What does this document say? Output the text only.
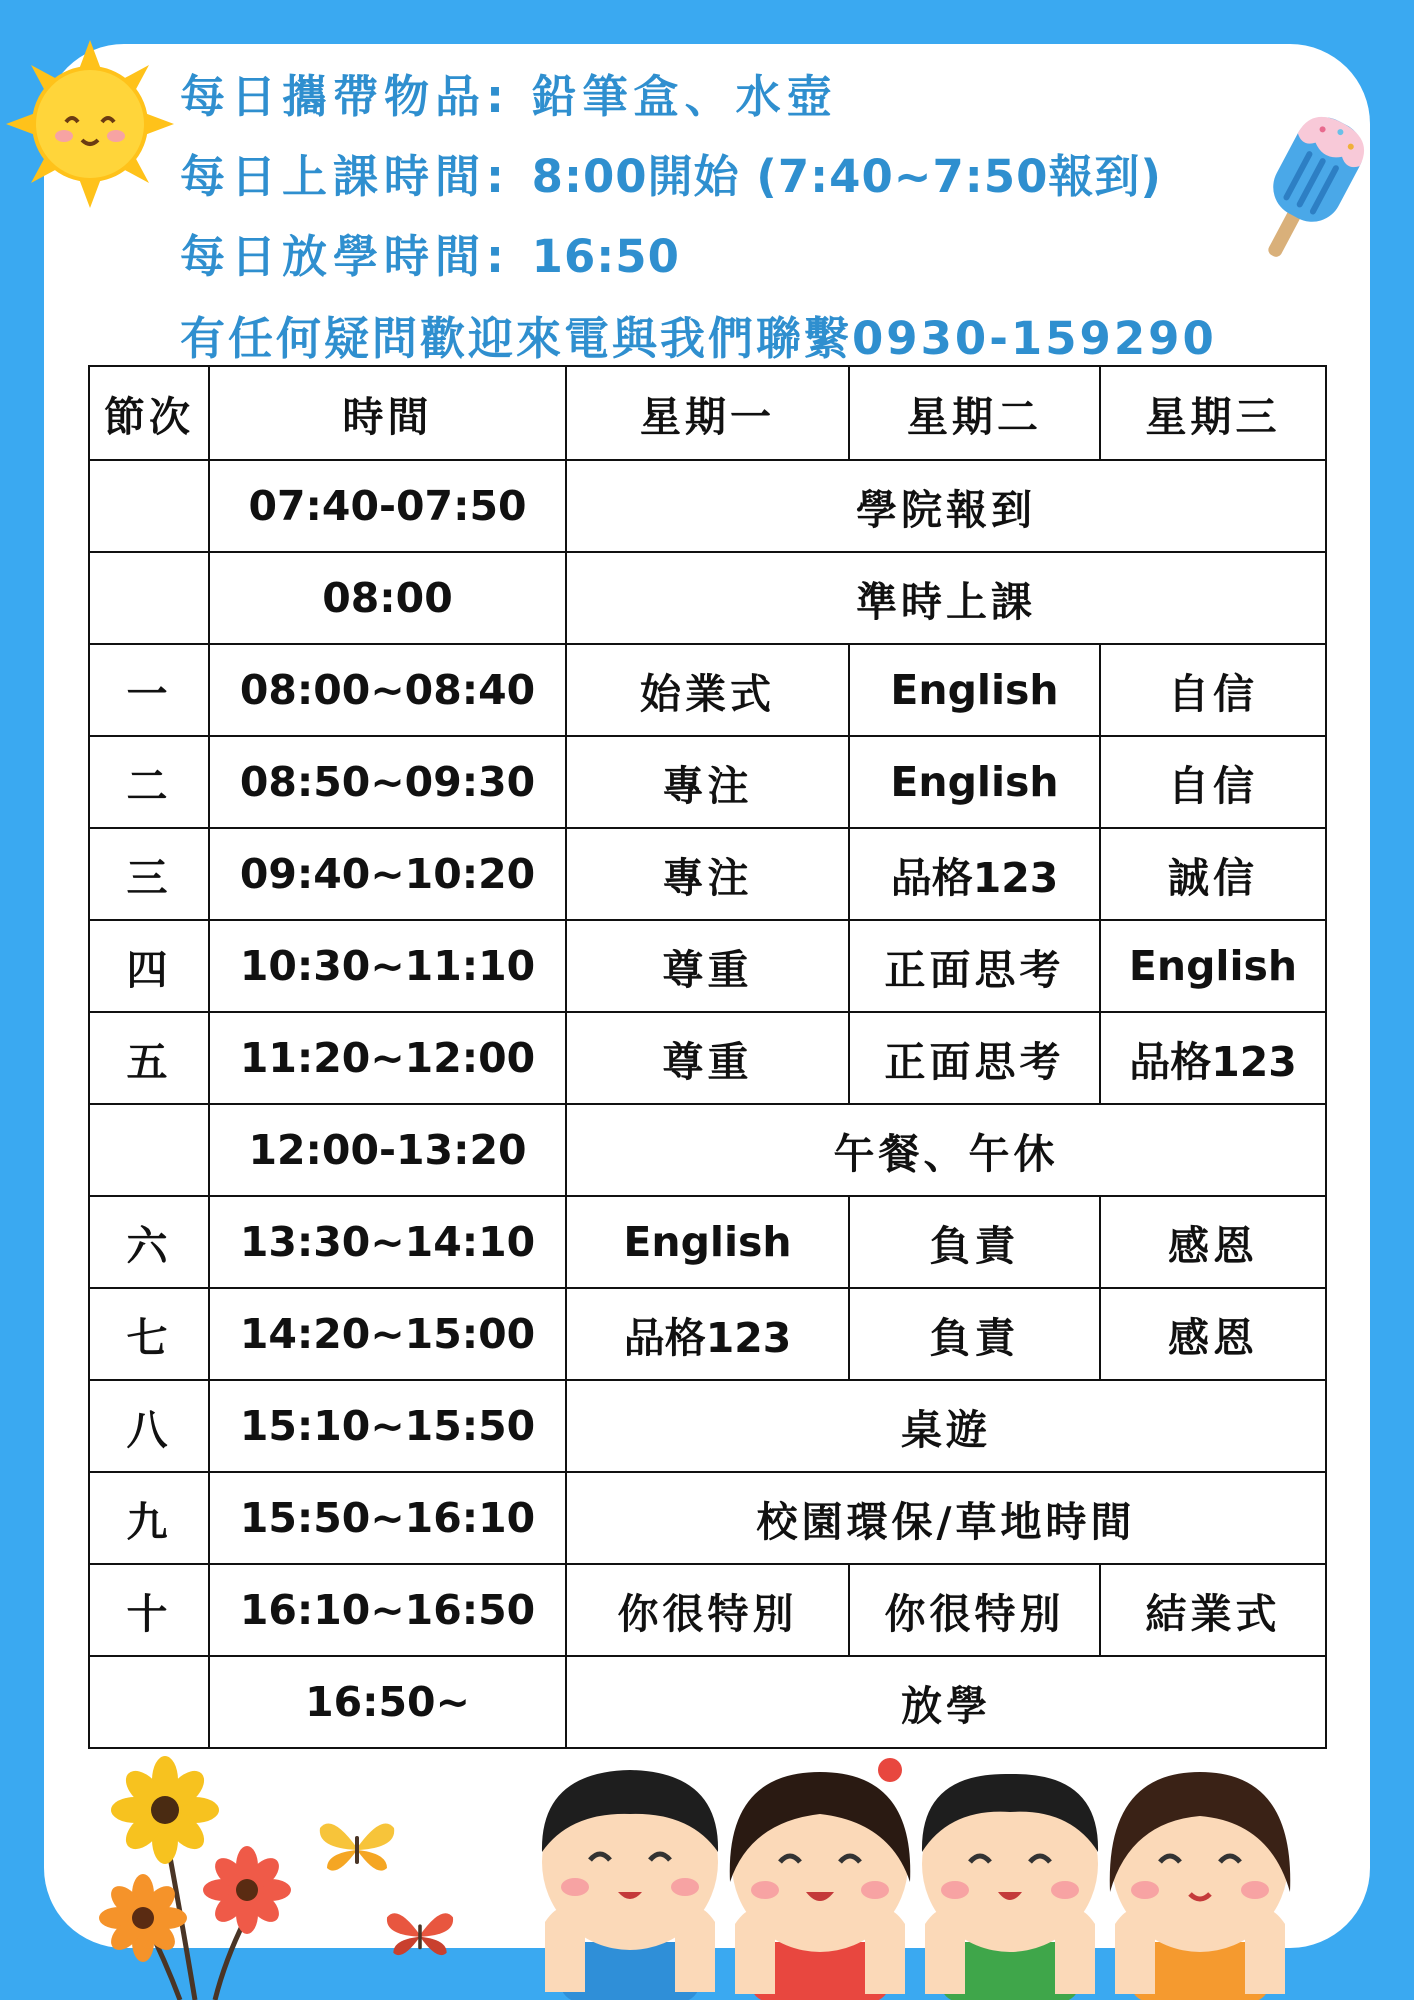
每日攜帶物品: 鉛筆盒、水壺
每日上課時間: 8:00開始 (7:40~7:50報到)
每日放學時間: 16:50
有任何疑問歡迎來電與我們聯繫0930-159290
節次	時間	星期一	星期二	星期三
	07:40-07:50	學院報到		
	08:00	準時上課		
一	08:00~08:40	始業式	English	自信
二	08:50~09:30	專注	English	自信
三	09:40~10:20	專注	品格123	誠信
四	10:30~11:10	尊重	正面思考	English
五	11:20~12:00	尊重	正面思考	品格123
	12:00-13:20	午餐、午休		
六	13:30~14:10	English	負責	感恩
七	14:20~15:00	品格123	負責	感恩
八	15:10~15:50	桌遊		
九	15:50~16:10	校園環保/草地時間		
十	16:10~16:50	你很特別	你很特別	結業式
	16:50~	放學		
